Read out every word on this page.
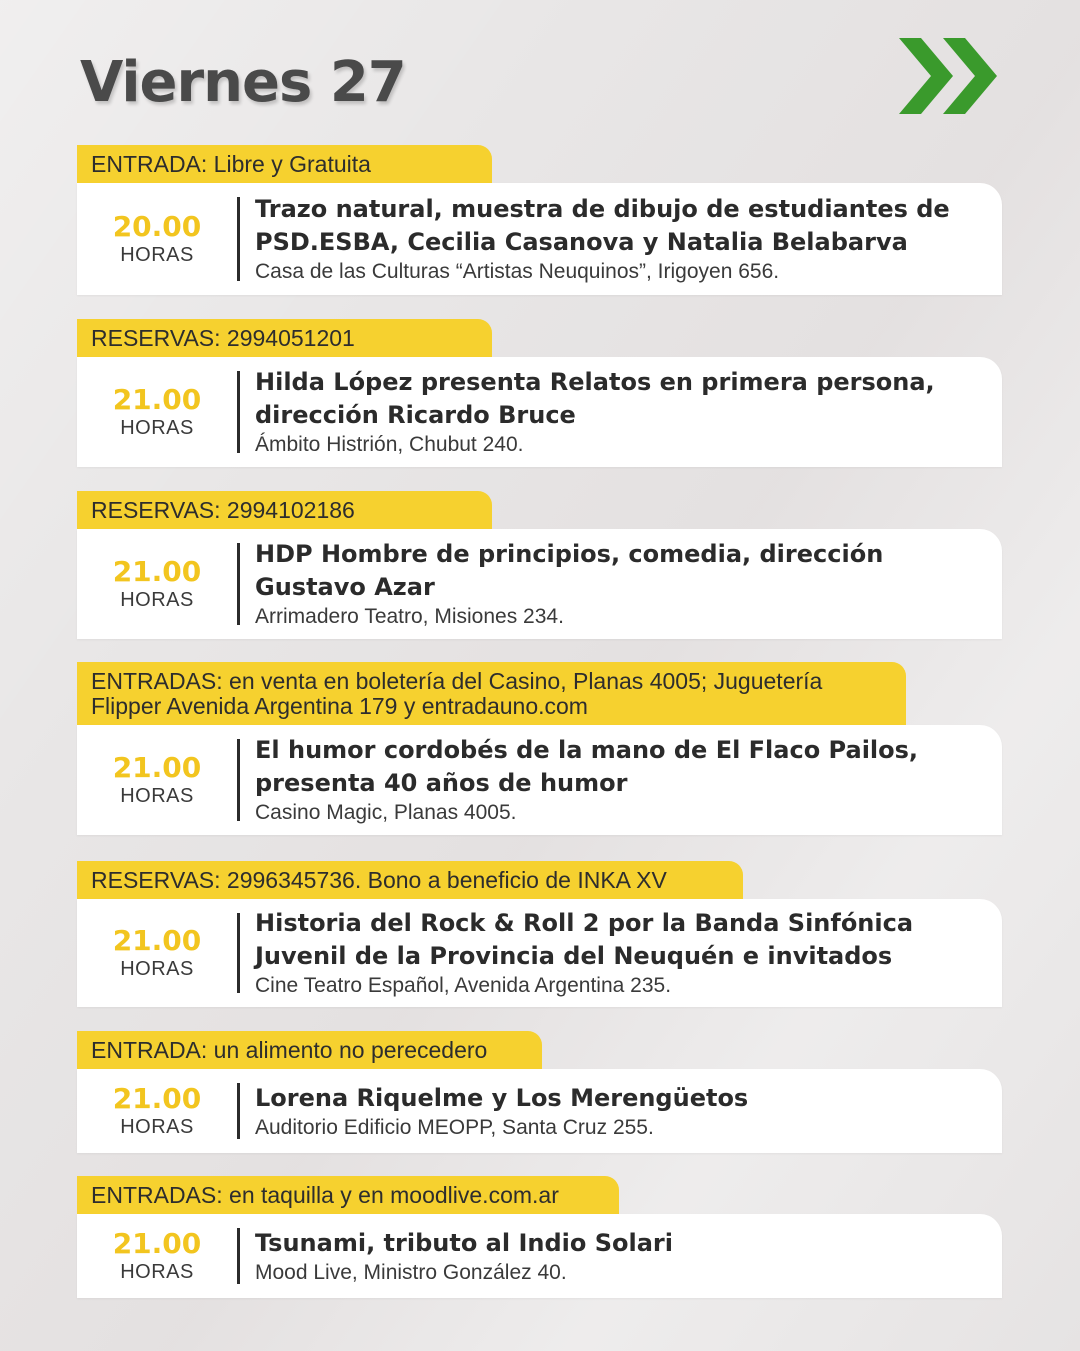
Viernes 27
ENTRADA: Libre y Gratuita
20.00
HORAS
Trazo natural, muestra de dibujo de estudiantes de
PSD.ESBA, Cecilia Casanova y Natalia Belabarva
Casa de las Culturas “Artistas Neuquinos”, Irigoyen 656.
RESERVAS: 2994051201
21.00
HORAS
Hilda López presenta Relatos en primera persona,
dirección Ricardo Bruce
Ámbito Histrión, Chubut 240.
RESERVAS: 2994102186
21.00
HORAS
HDP Hombre de principios, comedia, dirección
Gustavo Azar
Arrimadero Teatro, Misiones 234.
ENTRADAS: en venta en boletería del Casino, Planas 4005; Juguetería
Flipper Avenida Argentina 179 y entradauno.com
21.00
HORAS
El humor cordobés de la mano de El Flaco Pailos,
presenta 40 años de humor
Casino Magic, Planas 4005.
RESERVAS: 2996345736. Bono a beneficio de INKA XV
21.00
HORAS
Historia del Rock & Roll 2 por la Banda Sinfónica
Juvenil de la Provincia del Neuquén e invitados
Cine Teatro Español, Avenida Argentina 235.
ENTRADA: un alimento no perecedero
21.00
HORAS
Lorena Riquelme y Los Merengüetos
Auditorio Edificio MEOPP, Santa Cruz 255.
ENTRADAS: en taquilla y en moodlive.com.ar
21.00
HORAS
Tsunami, tributo al Indio Solari
Mood Live, Ministro González 40.
